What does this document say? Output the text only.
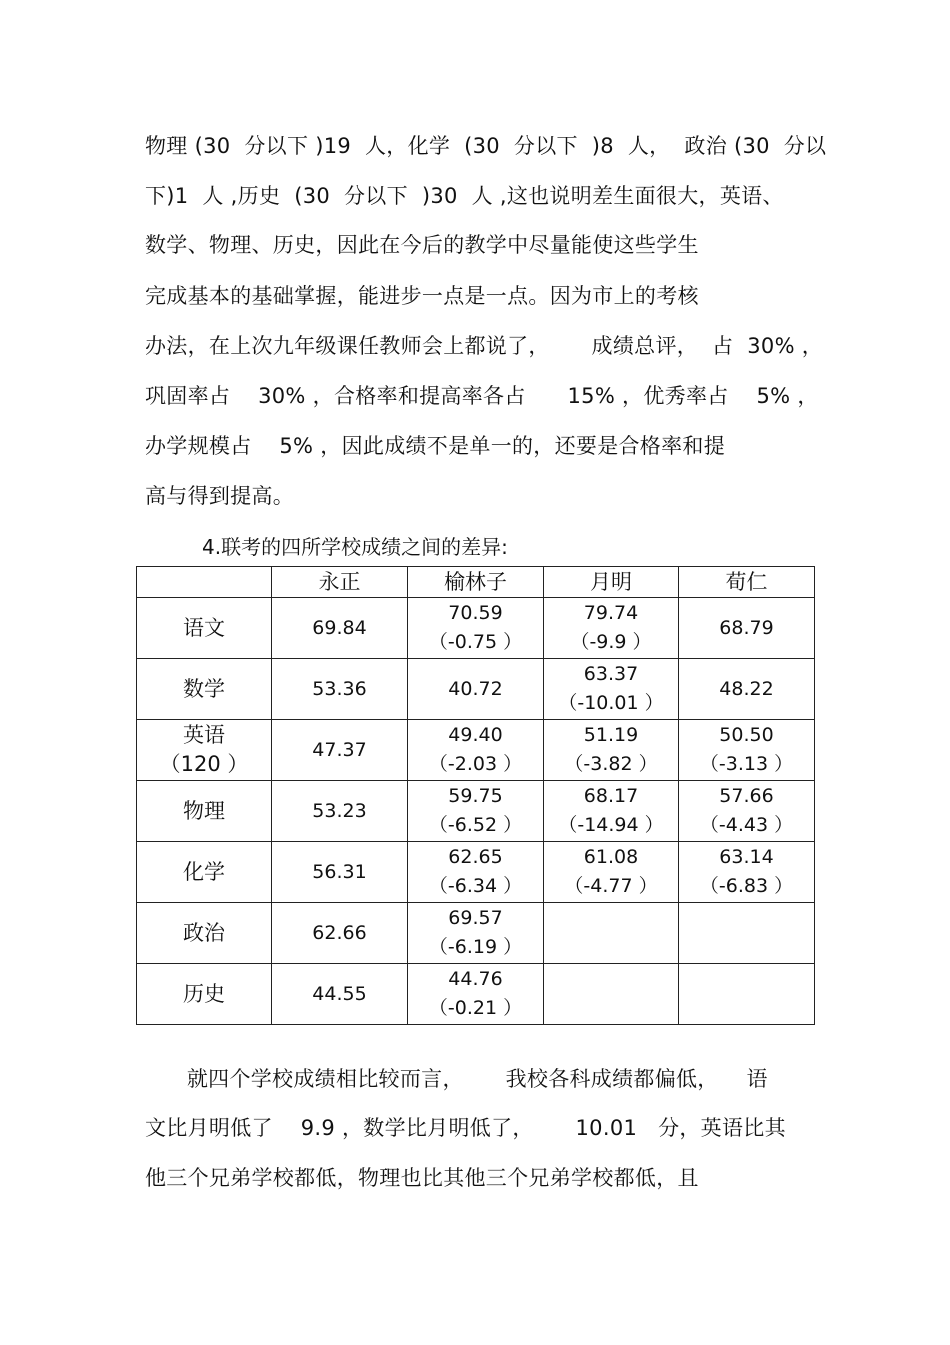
物理 (30  分以下 )19  人，化学  (30  分以下  )8  人，  政治 (30  分以
下)1  人 ,历史  (30  分以下  )30  人 ,这也说明差生面很大，英语、
数学、物理、历史，因此在今后的教学中尽量能使这些学生
完成基本的基础掌握，能进步一点是一点。因为市上的考核
办法，在上次九年级课任教师会上都说了，      成绩总评，  占  30% ，
巩固率占    30% ，合格率和提高率各占      15% ，优秀率占    5% ，
办学规模占    5% ，因此成绩不是单一的，还要是合格率和提
高与得到提高。
4.联考的四所学校成绩之间的差异:
	永正	榆林子	月明	荀仁

语文	69.84	70.59
（-0.75 ）	79.74
（-9.9 ）	68.79

数学	53.36	40.72	63.37
（-10.01 ）	48.22

英语
（120 ）	47.37	49.40
（-2.03 ）	51.19
（-3.82 ）	50.50
（-3.13 ）

物理	53.23	59.75
（-6.52 ）	68.17
（-14.94 ）	57.66
（-4.43 ）

化学	56.31	62.65
（-6.34 ）	61.08
（-4.77 ）	63.14
（-6.83 ）

政治	62.66	69.57
（-6.19 ）		

历史	44.55	44.76
（-0.21 ）		

就四个学校成绩相比较而言，      我校各科成绩都偏低，    语
文比月明低了    9.9 ，数学比月明低了，      10.01   分，英语比其
他三个兄弟学校都低，物理也比其他三个兄弟学校都低，且
